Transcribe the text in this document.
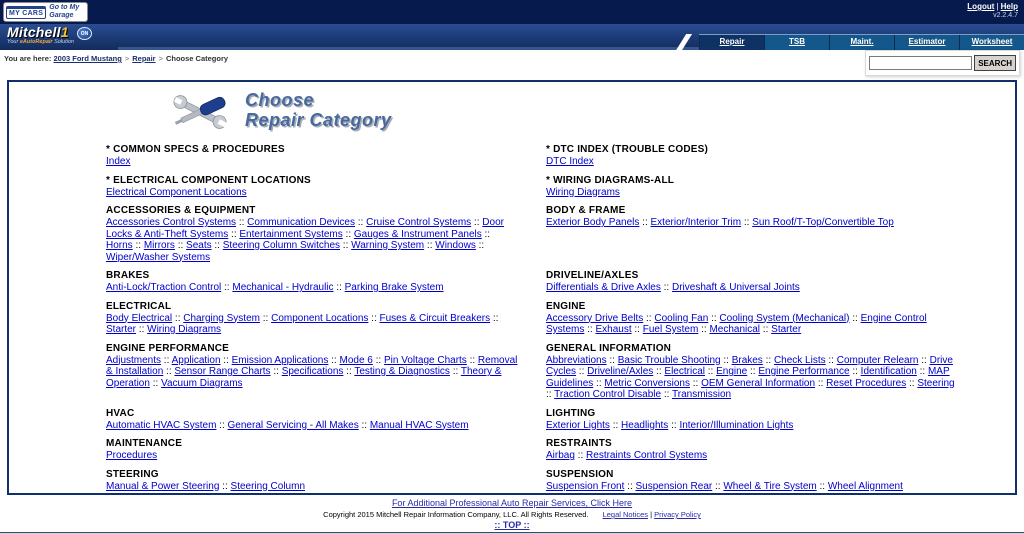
MY CARS
Go to My Garage
Logout | Help
v2.2.4.7
Mitchell1
Your eAutoRepair Solution
ON
Repair	TSB	Maint.	Estimator	Worksheet
You are here: 2003 Ford Mustang > Repair > Choose Category	SEARCH
Choose
Repair Category
* COMMON SPECS & PROCEDURES
Index
* DTC INDEX (TROUBLE CODES)
DTC Index
* ELECTRICAL COMPONENT LOCATIONS
Electrical Component Locations
* WIRING DIAGRAMS-ALL
Wiring Diagrams
ACCESSORIES & EQUIPMENT
Accessories Control Systems :: Communication Devices :: Cruise Control Systems :: Door Locks & Anti-Theft Systems :: Entertainment Systems :: Gauges & Instrument Panels :: Horns :: Mirrors :: Seats :: Steering Column Switches :: Warning System :: Windows :: Wiper/Washer Systems
BODY & FRAME
Exterior Body Panels :: Exterior/Interior Trim :: Sun Roof/T-Top/Convertible Top
BRAKES
Anti-Lock/Traction Control :: Mechanical - Hydraulic :: Parking Brake System
DRIVELINE/AXLES
Differentials & Drive Axles :: Driveshaft & Universal Joints
ELECTRICAL
Body Electrical :: Charging System :: Component Locations :: Fuses & Circuit Breakers :: Starter :: Wiring Diagrams
ENGINE
Accessory Drive Belts :: Cooling Fan :: Cooling System (Mechanical) :: Engine Control Systems :: Exhaust :: Fuel System :: Mechanical :: Starter
ENGINE PERFORMANCE
Adjustments :: Application :: Emission Applications :: Mode 6 :: Pin Voltage Charts :: Removal & Installation :: Sensor Range Charts :: Specifications :: Testing & Diagnostics :: Theory & Operation :: Vacuum Diagrams
GENERAL INFORMATION
Abbreviations :: Basic Trouble Shooting :: Brakes :: Check Lists :: Computer Relearn :: Drive Cycles :: Driveline/Axles :: Electrical :: Engine :: Engine Performance :: Identification :: MAP Guidelines :: Metric Conversions :: OEM General Information :: Reset Procedures :: Steering :: Traction Control Disable :: Transmission
HVAC
Automatic HVAC System :: General Servicing - All Makes :: Manual HVAC System
LIGHTING
Exterior Lights :: Headlights :: Interior/Illumination Lights
MAINTENANCE
Procedures
RESTRAINTS
Airbag :: Restraints Control Systems
STEERING
Manual & Power Steering :: Steering Column
SUSPENSION
Suspension Front :: Suspension Rear :: Wheel & Tire System :: Wheel Alignment
For Additional Professional Auto Repair Services, Click Here
Copyright 2015 Mitchell Repair Information Company, LLC. All Rights Reserved. Legal Notices | Privacy Policy
:: TOP ::
